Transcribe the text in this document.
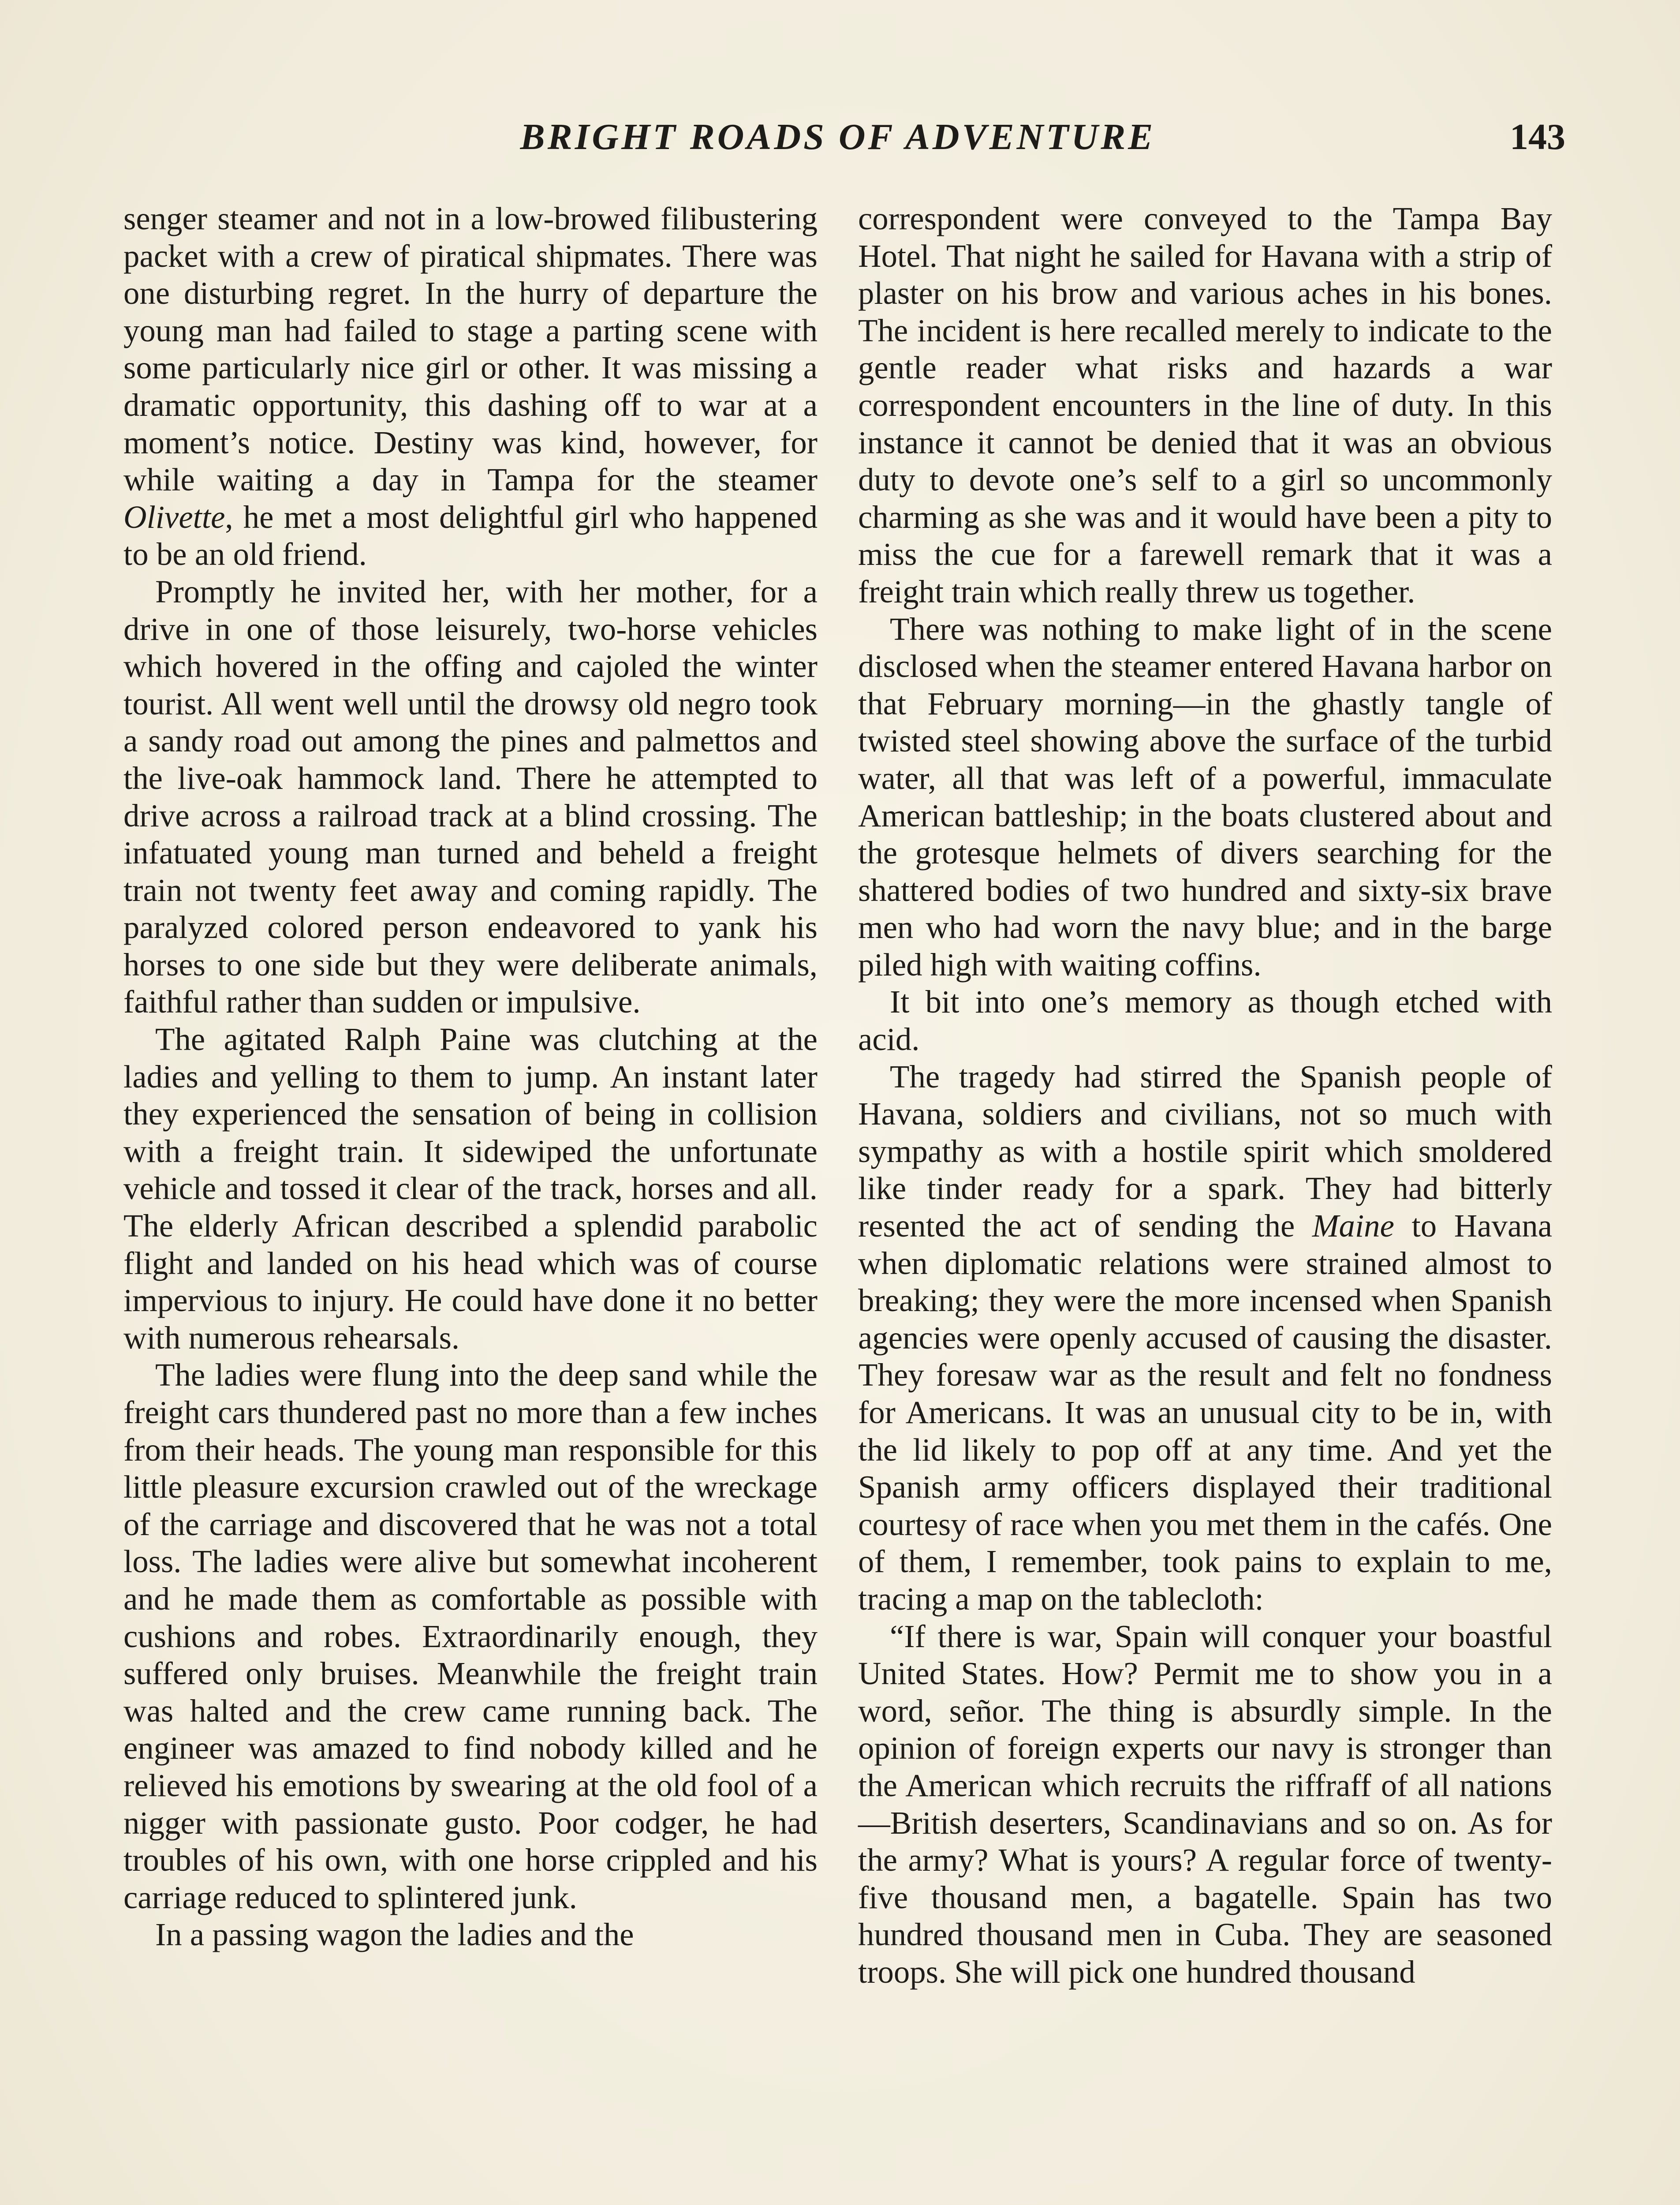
BRIGHT ROADS OF ADVENTURE	143

senger steamer and not in a low-browed filibustering packet with a crew of piratical shipmates. There was one disturbing regret. In the hurry of departure the young man had failed to stage a parting scene with some particularly nice girl or other. It was missing a dramatic opportunity, this dashing off to war at a moment’s notice. Destiny was kind, however, for while waiting a day in Tampa for the steamer Olivette, he met a most delightful girl who happened to be an old friend.

Promptly he invited her, with her mother, for a drive in one of those leisurely, two-horse vehicles which hovered in the offing and cajoled the winter tourist. All went well until the drowsy old negro took a sandy road out among the pines and palmettos and the live-oak hammock land. There he attempted to drive across a railroad track at a blind crossing. The infatuated young man turned and beheld a freight train not twenty feet away and coming rapidly. The paralyzed colored person endeavored to yank his horses to one side but they were deliberate animals, faithful rather than sudden or impulsive.

The agitated Ralph Paine was clutching at the ladies and yelling to them to jump. An instant later they experienced the sensation of being in collision with a freight train. It sidewiped the unfortunate vehicle and tossed it clear of the track, horses and all. The elderly African described a splendid parabolic flight and landed on his head which was of course impervious to injury. He could have done it no better with numerous rehearsals.

The ladies were flung into the deep sand while the freight cars thundered past no more than a few inches from their heads. The young man responsible for this little pleasure excursion crawled out of the wreckage of the carriage and discovered that he was not a total loss. The ladies were alive but somewhat incoherent and he made them as comfortable as possible with cushions and robes. Extraordinarily enough, they suffered only bruises. Meanwhile the freight train was halted and the crew came running back. The engineer was amazed to find nobody killed and he relieved his emotions by swearing at the old fool of a nigger with passionate gusto. Poor codger, he had troubles of his own, with one horse crippled and his carriage reduced to splintered junk.

In a passing wagon the ladies and the

correspondent were conveyed to the Tampa Bay Hotel. That night he sailed for Havana with a strip of plaster on his brow and various aches in his bones. The incident is here recalled merely to indicate to the gentle reader what risks and hazards a war correspondent encounters in the line of duty. In this instance it cannot be denied that it was an obvious duty to devote one’s self to a girl so uncommonly charming as she was and it would have been a pity to miss the cue for a farewell remark that it was a freight train which really threw us together.

There was nothing to make light of in the scene disclosed when the steamer entered Havana harbor on that February morning—in the ghastly tangle of twisted steel showing above the surface of the turbid water, all that was left of a powerful, immaculate American battleship; in the boats clustered about and the grotesque helmets of divers searching for the shattered bodies of two hundred and sixty-six brave men who had worn the navy blue; and in the barge piled high with waiting coffins.

It bit into one’s memory as though etched with acid.

The tragedy had stirred the Spanish people of Havana, soldiers and civilians, not so much with sympathy as with a hostile spirit which smoldered like tinder ready for a spark. They had bitterly resented the act of sending the Maine to Havana when diplomatic relations were strained almost to breaking; they were the more incensed when Spanish agencies were openly accused of causing the disaster. They foresaw war as the result and felt no fondness for Americans. It was an unusual city to be in, with the lid likely to pop off at any time. And yet the Spanish army officers displayed their traditional courtesy of race when you met them in the cafés. One of them, I remember, took pains to explain to me, tracing a map on the tablecloth:

“If there is war, Spain will conquer your boastful United States. How? Permit me to show you in a word, señor. The thing is absurdly simple. In the opinion of foreign experts our navy is stronger than the American which recruits the riffraff of all nations—British deserters, Scandinavians and so on. As for the army? What is yours? A regular force of twenty-five thousand men, a bagatelle. Spain has two hundred thousand men in Cuba. They are seasoned troops. She will pick one hundred thousand
